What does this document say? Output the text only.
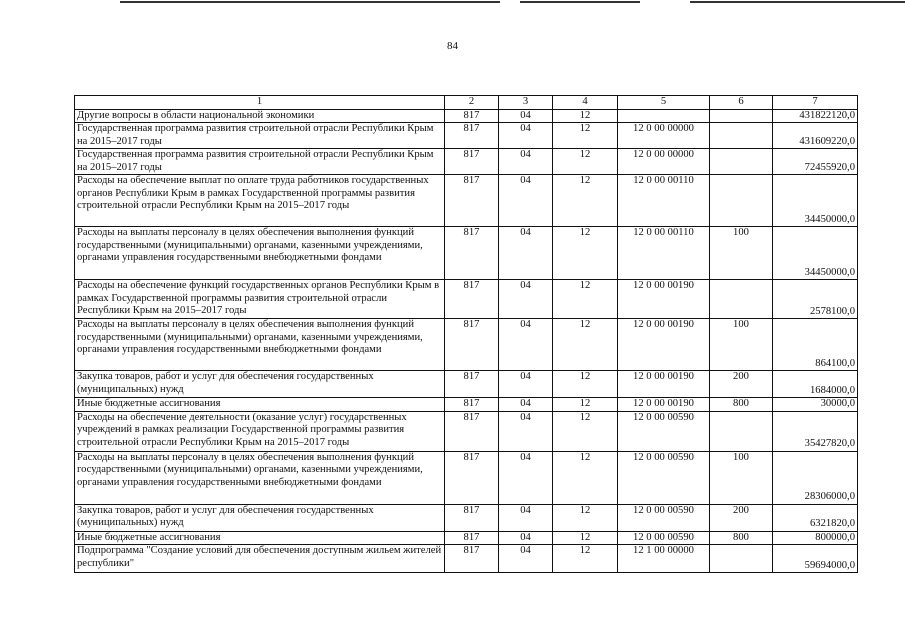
84
1	2	3	4	5	6	7
Другие вопросы в области национальной экономики	817	04	12			431822120,0
Государственная программа развития строительной отрасли Республики Крым на 2015–2017 годы	817	04	12	12 0 00 00000		431609220,0
Государственная программа развития строительной отрасли Республики Крым на 2015–2017 годы	817	04	12	12 0 00 00000		72455920,0
Расходы на обеспечение выплат по оплате труда работников государственных органов Республики Крым в рамках Государственной программы развития строительной отрасли Республики Крым на 2015–2017 годы	817	04	12	12 0 00 00110		34450000,0
Расходы на выплаты персоналу в целях обеспечения выполнения функций государственными (муниципальными) органами, казенными учреждениями, органами управления государственными внебюджетными фондами	817	04	12	12 0 00 00110	100	34450000,0
Расходы на обеспечение функций государственных органов Республики Крым в рамках Государственной программы развития строительной отрасли Республики Крым на 2015–2017 годы	817	04	12	12 0 00 00190		2578100,0
Расходы на выплаты персоналу в целях обеспечения выполнения функций государственными (муниципальными) органами, казенными учреждениями, органами управления государственными внебюджетными фондами	817	04	12	12 0 00 00190	100	864100,0
Закупка товаров, работ и услуг для обеспечения государственных (муниципальных) нужд	817	04	12	12 0 00 00190	200	1684000,0
Иные бюджетные ассигнования	817	04	12	12 0 00 00190	800	30000,0
Расходы на обеспечение деятельности (оказание услуг) государственных учреждений в рамках реализации Государственной программы развития строительной отрасли Республики Крым на 2015–2017 годы	817	04	12	12 0 00 00590		35427820,0
Расходы на выплаты персоналу в целях обеспечения выполнения функций государственными (муниципальными) органами, казенными учреждениями, органами управления государственными внебюджетными фондами	817	04	12	12 0 00 00590	100	28306000,0
Закупка товаров, работ и услуг для обеспечения государственных (муниципальных) нужд	817	04	12	12 0 00 00590	200	6321820,0
Иные бюджетные ассигнования	817	04	12	12 0 00 00590	800	800000,0
Подпрограмма "Создание условий для обеспечения доступным жильем жителей республики"	817	04	12	12 1 00 00000		59694000,0
